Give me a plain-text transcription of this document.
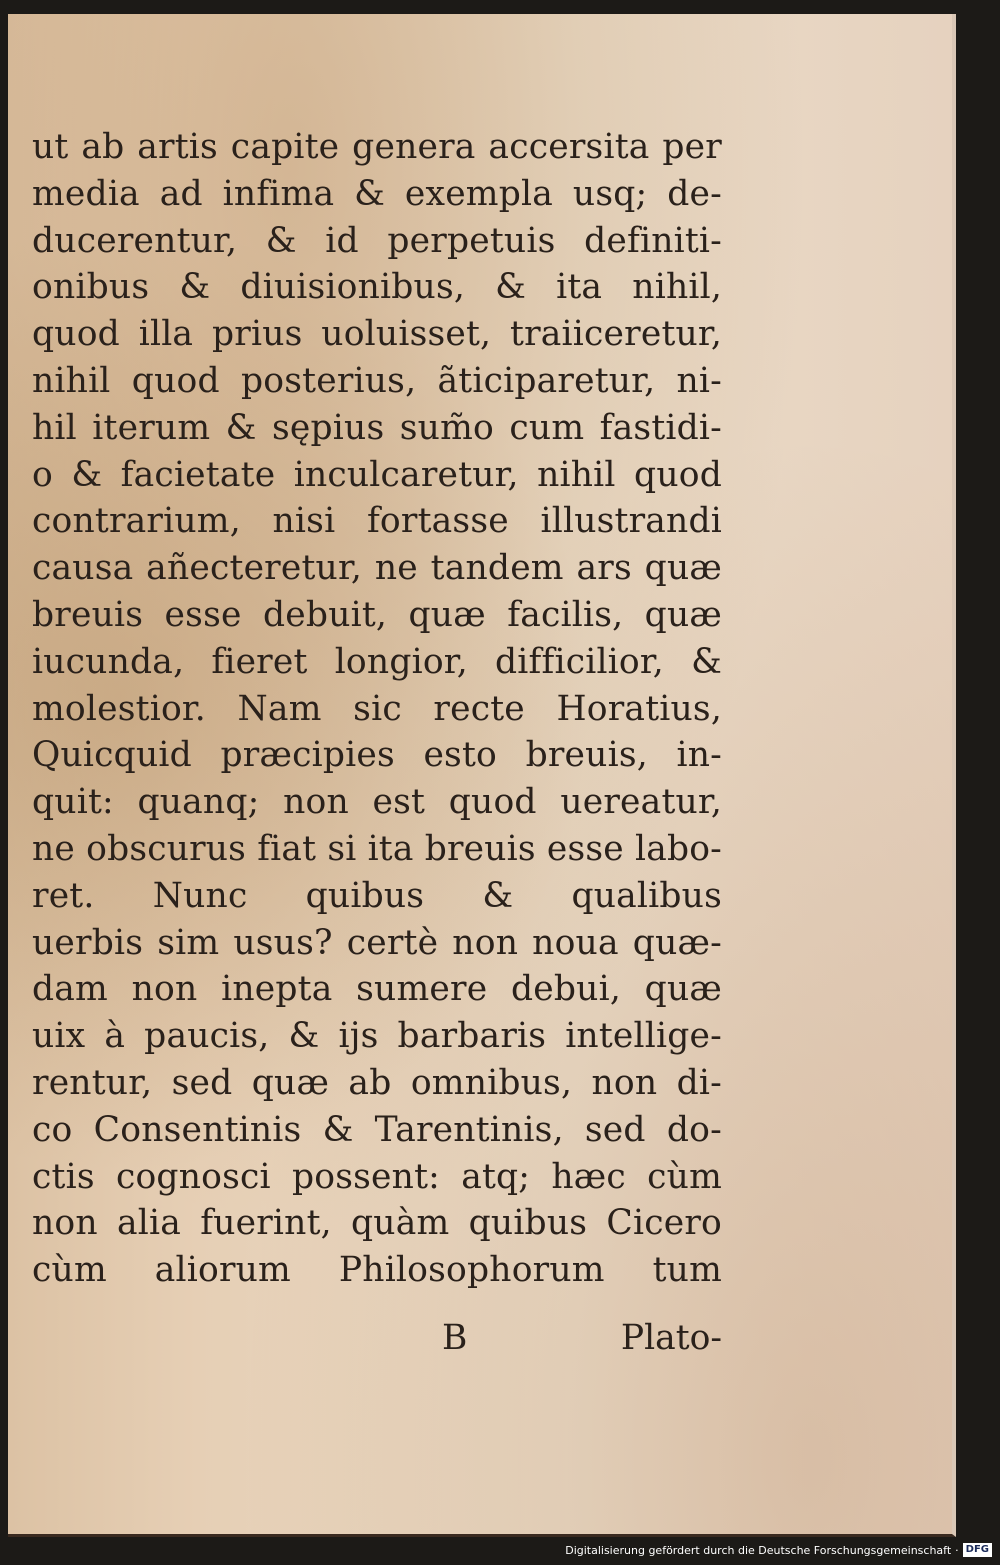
ut ab artis capite genera accersita per media ad infima & exempla usq; de- ducerentur, & id perpetuis definiti- onibus & diuisionibus, & ita nihil, quod illa prius uoluisset, traiiceretur, nihil quod posterius, ãticiparetur, ni- hil iterum & sępius sum̃o cum fastidi- o & facietate inculcaretur, nihil quod contrarium, nisi fortasse illustrandi causa añecteretur, ne tandem ars quæ breuis esse debuit, quæ facilis, quæ iucunda, fieret longior, difficilior, & molestior. Nam sic recte Horatius, Quicquid præcipies esto breuis, in- quit: quanq; non est quod uereatur, ne obscurus fiat si ita breuis esse labo- ret. Nunc quibus & qualibus uerbis sim usus? certè non noua quæ- dam non inepta sumere debui, quæ uix à paucis, & ijs barbaris intellige- rentur, sed quæ ab omnibus, non di- co Consentinis & Tarentinis, sed do- ctis cognosci possent: atq; hæc cùm non alia fuerint, quàm quibus Cicero cùm aliorum Philosophorum tum
B	Plato-
Digitalisierung gefördert durch die Deutsche Forschungsgemeinschaft · DFG
